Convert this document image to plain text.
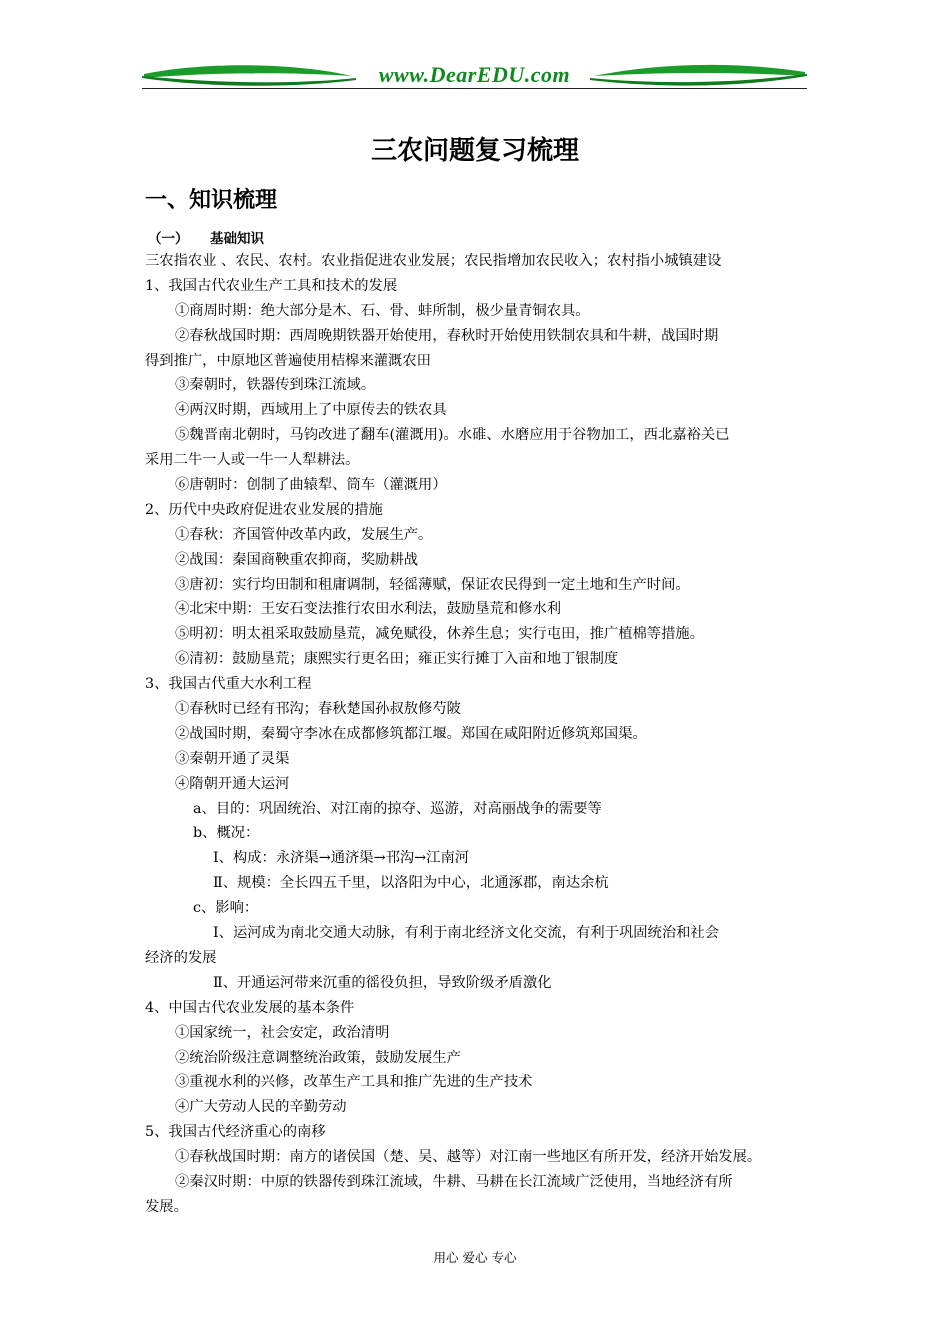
www.DearEDU.com
三农问题复习梳理
一、知识梳理
（一） 基础知识
三农指农业 、农民、农村。农业指促进农业发展；农民指增加农民收入；农村指小城镇建设
1、我国古代农业生产工具和技术的发展
①商周时期：绝大部分是木、石、骨、蚌所制，极少量青铜农具。
②春秋战国时期：西周晚期铁器开始使用，春秋时开始使用铁制农具和牛耕，战国时期
得到推广，中原地区普遍使用桔槔来灌溉农田
③秦朝时，铁器传到珠江流域。
④两汉时期，西域用上了中原传去的铁农具
⑤魏晋南北朝时，马钧改进了翻车(灌溉用)。水碓、水磨应用于谷物加工，西北嘉裕关已
采用二牛一人或一牛一人犁耕法。
⑥唐朝时：创制了曲辕犁、筒车（灌溉用）
2、历代中央政府促进农业发展的措施
①春秋：齐国管仲改革内政，发展生产。
②战国：秦国商鞅重农抑商，奖励耕战
③唐初：实行均田制和租庸调制，轻徭薄赋，保证农民得到一定土地和生产时间。
④北宋中期：王安石变法推行农田水利法，鼓励垦荒和修水利
⑤明初：明太祖采取鼓励垦荒，减免赋役，休养生息；实行屯田，推广植棉等措施。
⑥清初：鼓励垦荒；康熙实行更名田；雍正实行摊丁入亩和地丁银制度
3、我国古代重大水利工程
①春秋时已经有邗沟；春秋楚国孙叔敖修芍陂
②战国时期，秦蜀守李冰在成都修筑都江堰。郑国在咸阳附近修筑郑国渠。
③秦朝开通了灵渠
④隋朝开通大运河
a、目的：巩固统治、对江南的掠夺、巡游，对高丽战争的需要等
b、概况：
Ⅰ、构成：永济渠→通济渠→邗沟→江南河
Ⅱ、规模：全长四五千里，以洛阳为中心，北通涿郡，南达余杭
c、影响：
Ⅰ、运河成为南北交通大动脉，有利于南北经济文化交流，有利于巩固统治和社会
经济的发展
Ⅱ、开通运河带来沉重的徭役负担，导致阶级矛盾激化
4、中国古代农业发展的基本条件
①国家统一，社会安定，政治清明
②统治阶级注意调整统治政策，鼓励发展生产
③重视水利的兴修，改革生产工具和推广先进的生产技术
④广大劳动人民的辛勤劳动
5、我国古代经济重心的南移
①春秋战国时期：南方的诸侯国（楚、吴、越等）对江南一些地区有所开发，经济开始发展。
②秦汉时期：中原的铁器传到珠江流域，牛耕、马耕在长江流域广泛使用，当地经济有所
发展。
用心 爱心 专心
